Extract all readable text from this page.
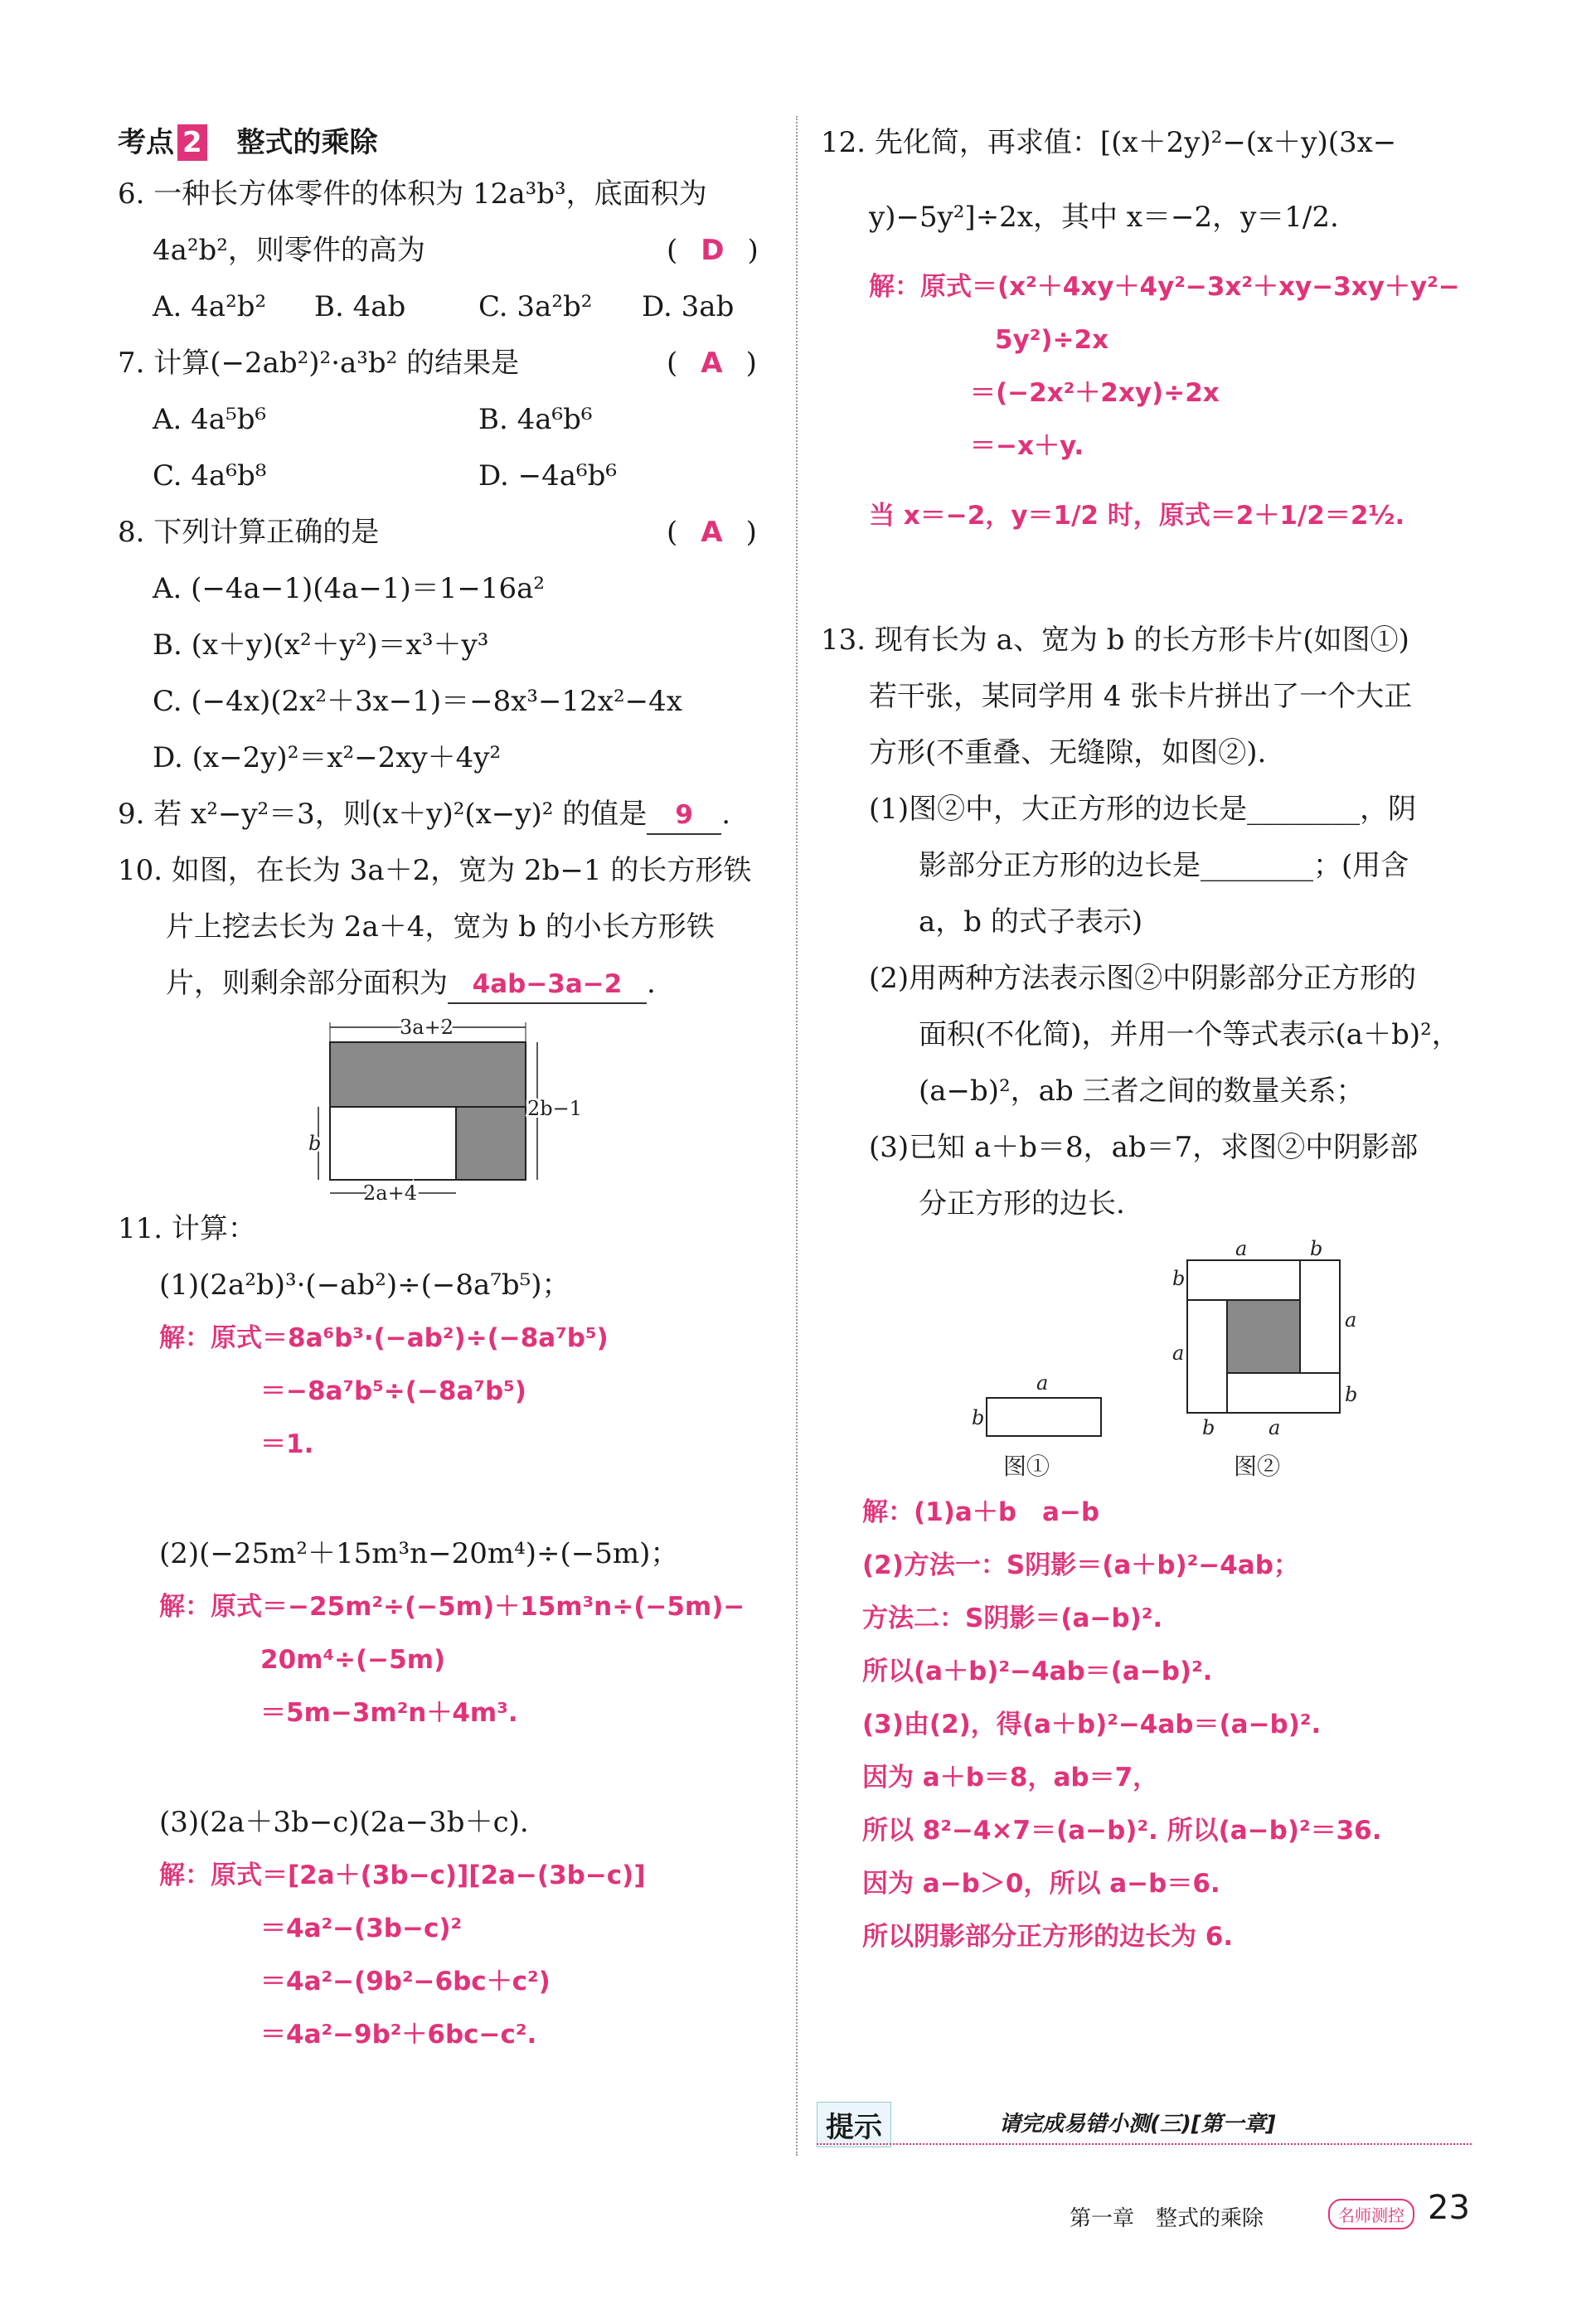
考点 2 整式的乘除
6. 一种长方体零件的体积为 12a³b³，底面积为
4a²b²，则零件的高为	( D )
A. 4a²b² B. 4ab	C. 3a²b² D. 3ab
7. 计算(−2ab²)²·a³b² 的结果是	( A )
A. 4a⁵b⁶	B. 4a⁶b⁶
C. 4a⁶b⁸	D. −4a⁶b⁶
8. 下列计算正确的是	( A )
A. (−4a−1)(4a−1)＝1−16a²
B. (x＋y)(x²＋y²)＝x³＋y³
C. (−4x)(2x²＋3x−1)＝−8x³−12x²−4x
D. (x−2y)²＝x²−2xy＋4y²
9. 若 x²−y²＝3，则(x＋y)²(x−y)² 的值是 9 .
10. 如图，在长为 3a＋2，宽为 2b−1 的长方形铁
片上挖去长为 2a＋4，宽为 b 的小长方形铁
片，则剩余部分面积为 4ab−3a−2 .
3a+2
2b−1
b
2a+4
11. 计算：
(1)(2a²b)³·(−ab²)÷(−8a⁷b⁵)；
解：原式＝8a⁶b³·(−ab²)÷(−8a⁷b⁵)
＝−8a⁷b⁵÷(−8a⁷b⁵)
＝1.
(2)(−25m²＋15m³n−20m⁴)÷(−5m)；
解：原式＝−25m²÷(−5m)＋15m³n÷(−5m)−
20m⁴÷(−5m)
＝5m−3m²n＋4m³.
(3)(2a＋3b−c)(2a−3b＋c).
解：原式＝[2a＋(3b−c)][2a−(3b−c)]
＝4a²−(3b−c)²
＝4a²−(9b²−6bc＋c²)
＝4a²−9b²＋6bc−c².
12. 先化简，再求值：[(x＋2y)²−(x＋y)(3x−
y)−5y²]÷2x，其中 x＝−2，y＝1/2.
解：原式＝(x²＋4xy＋4y²−3x²＋xy−3xy＋y²−
5y²)÷2x
＝(−2x²＋2xy)÷2x
＝−x＋y.
当 x＝−2，y＝1/2 时，原式＝2＋1/2＝2½.
13. 现有长为 a、宽为 b 的长方形卡片(如图①)
若干张，某同学用 4 张卡片拼出了一个大正
方形(不重叠、无缝隙，如图②).
(1)图②中，大正方形的边长是________，阴
影部分正方形的边长是________；(用含
a，b 的式子表示)
(2)用两种方法表示图②中阴影部分正方形的
面积(不化简)，并用一个等式表示(a＋b)²，
(a−b)²，ab 三者之间的数量关系；
(3)已知 a＋b＝8，ab＝7，求图②中阴影部
分正方形的边长.
a
b
图①
a	b
b
a
a
b
b	a
图②
解：(1)a＋b　a−b
(2)方法一：S阴影＝(a＋b)²−4ab；
方法二：S阴影＝(a−b)².
所以(a＋b)²−4ab＝(a−b)².
(3)由(2)，得(a＋b)²−4ab＝(a−b)².
因为 a＋b＝8，ab＝7，
所以 8²−4×7＝(a−b)². 所以(a−b)²＝36.
因为 a−b＞0，所以 a−b＝6.
所以阴影部分正方形的边长为 6.
提示	请完成易错小测(三)[第一章]
第一章　整式的乘除	名师测控 23
